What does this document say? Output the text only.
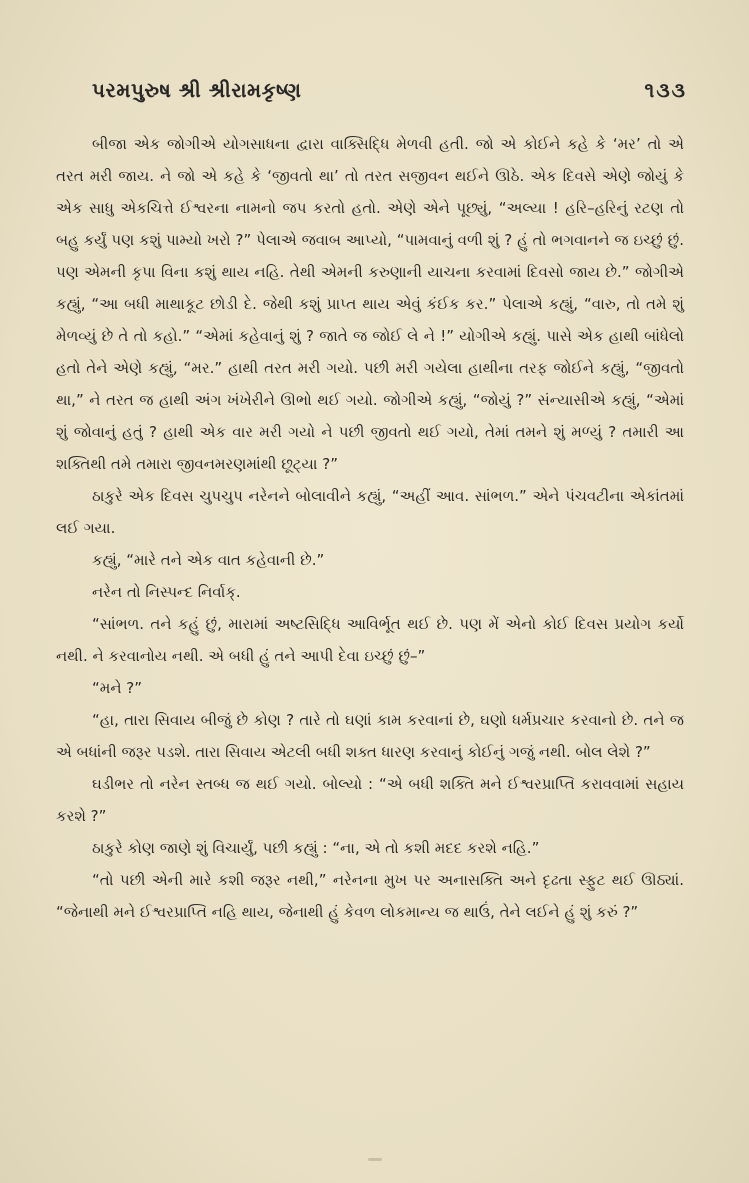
પરમપુરુષ શ્રી શ્રીરામકૃષ્ણ	૧૩૩

બીજા એક જોગીએ યોગસાધના દ્વારા વાક્સિદ્ધિ મેળવી હતી. જો એ કોઈને કહે કે ‘મર’ તો એ તરત મરી જાય. ને જો એ કહે કે ‘જીવતો થા’ તો તરત સજીવન થઈને ઊઠે. એક દિવસે એણે જોયું કે એક સાધુ એકચિત્તે ઈશ્વરના નામનો જપ કરતો હતો. એણે એને પૂછ્યું, “અલ્યા ! હરિ–હરિનું રટણ તો બહુ કર્યું પણ કશું પામ્યો ખરો ?” પેલાએ જવાબ આપ્યો, “પામવાનું વળી શું ? હું તો ભગવાનને જ ઇચ્છું છું. પણ એમની કૃપા વિના કશું થાય નહિ. તેથી એમની કરુણાની યાચના કરવામાં દિવસો જાય છે.” જોગીએ કહ્યું, “આ બધી માથાકૂટ છોડી દે. જેથી કશું પ્રાપ્ત થાય એવું કંઈક કર.” પેલાએ કહ્યું, “વારુ, તો તમે શું મેળવ્યું છે તે તો કહો.” “એમાં કહેવાનું શું ? જાતે જ જોઈ લે ને !” યોગીએ કહ્યું. પાસે એક હાથી બાંધેલો હતો તેને એણે કહ્યું, “મર.” હાથી તરત મરી ગયો. પછી મરી ગયેલા હાથીના તરફ જોઈને કહ્યું, “જીવતો થા,” ને તરત જ હાથી અંગ ખંખેરીને ઊભો થઈ ગયો. જોગીએ કહ્યું, “જોયું ?” સંન્યાસીએ કહ્યું, “એમાં શું જોવાનું હતું ? હાથી એક વાર મરી ગયો ને પછી જીવતો થઈ ગયો, તેમાં તમને શું મળ્યું ? તમારી આ શક્તિથી તમે તમારા જીવનમરણમાંથી છૂટ્યા ?”

ઠાકુરે એક દિવસ ચુપચુપ નરેનને બોલાવીને કહ્યું, “અહીં આવ. સાંભળ.” એને પંચવટીના એકાંતમાં લઈ ગયા.

કહ્યું, “મારે તને એક વાત કહેવાની છે.”

નરેન તો નિસ્પન્દ નિર્વાક્.

“સાંભળ. તને કહું છું, મારામાં અષ્ટસિદ્ધિ આવિર્ભૂત થઈ છે. પણ મેં એનો કોઈ દિવસ પ્રયોગ કર્યો નથી. ને કરવાનોય નથી. એ બધી હું તને આપી દેવા ઇચ્છું છું–”

“મને ?”

“હા, તારા સિવાય બીજું છે કોણ ? તારે તો ઘણાં કામ કરવાનાં છે, ઘણો ધર્મપ્રચાર કરવાનો છે. તને જ એ બધાંની જરૂર પડશે. તારા સિવાય એટલી બધી શક્ત ધારણ કરવાનું કોઈનું ગજું નથી. બોલ લેશે ?”

ઘડીભર તો નરેન સ્તબ્ધ જ થઈ ગયો. બોલ્યો : “એ બધી શક્તિ મને ઈશ્વરપ્રાપ્તિ કરાવવામાં સહાય કરશે ?”

ઠાકુરે કોણ જાણે શું વિચાર્યું, પછી કહ્યું : “ના, એ તો કશી મદદ કરશે નહિ.”

“તો પછી એની મારે કશી જરૂર નથી,” નરેનના મુખ પર અનાસક્તિ અને દૃઢતા સ્ફુટ થઈ ઊઠ્યાં. “જેનાથી મને ઈશ્વરપ્રાપ્તિ નહિ થાય, જેનાથી હું કેવળ લોકમાન્ય જ થાઉં, તેને લઈને હું શું કરું ?”
